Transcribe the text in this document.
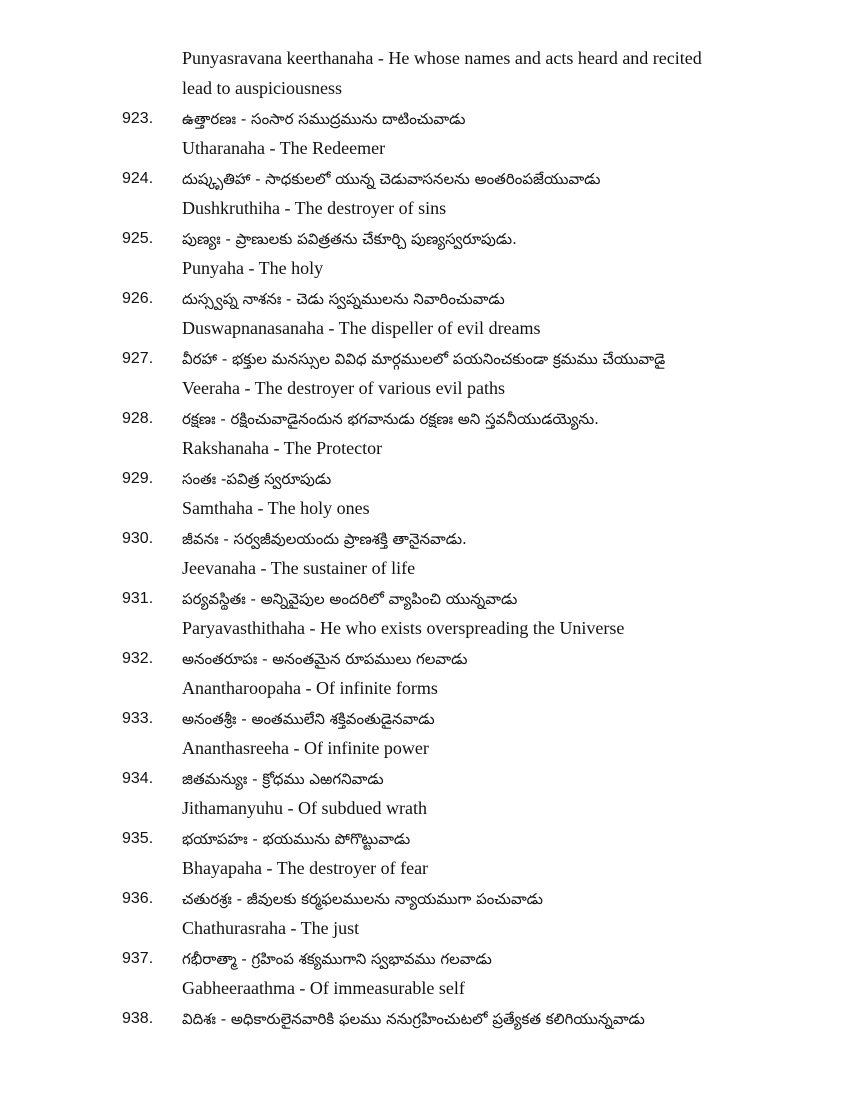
Punyasravana keerthanaha - He whose names and acts heard and recited
lead to auspiciousness
923.	ఉత్తారణః - సంసార సముద్రమును దాటించువాడు
Utharanaha - The Redeemer
924.	దుష్కృతిహా - సాధకులలో యున్న చెడువాసనలను అంతరింపజేయువాడు
Dushkruthiha - The destroyer of sins
925.	పుణ్యః - ప్రాణులకు పవిత్రతను చేకూర్చి పుణ్యస్వరూపుడు.
Punyaha - The holy
926.	దుస్స్వప్న నాశనః - చెడు స్వప్నములను నివారించువాడు
Duswapnanasanaha - The dispeller of evil dreams
927.	వీరహా - భక్తుల మనస్సుల వివిధ మార్గములలో పయనించకుండా క్రమము చేయువాడై
Veeraha - The destroyer of various evil paths
928.	రక్షణః - రక్షించువాడైనందున భగవానుడు రక్షణః అని స్తవనీయుడయ్యెను.
Rakshanaha - The Protector
929.	సంతః -పవిత్ర స్వరూపుడు
Samthaha - The holy ones
930.	జీవనః - సర్వజీవులయందు ప్రాణశక్తి తానైనవాడు.
Jeevanaha - The sustainer of life
931.	పర్యవస్థితః - అన్నివైపుల అందరిలో వ్యాపించి యున్నవాడు
Paryavasthithaha - He who exists overspreading the Universe
932.	అనంతరూపః - అనంతమైన రూపములు గలవాడు
Anantharoopaha - Of infinite forms
933.	అనంతశ్రీః - అంతములేని శక్తివంతుడైనవాడు
Ananthasreeha - Of infinite power
934.	జితమన్యుః - క్రోధము ఎఱగనివాడు
Jithamanyuhu - Of subdued wrath
935.	భయాపహః - భయమును పోగొట్టువాడు
Bhayapaha - The destroyer of fear
936.	చతురశ్రః - జీవులకు కర్మఫలములను న్యాయముగా పంచువాడు
Chathurasraha - The just
937.	గభీరాత్మా - గ్రహింప శక్యముగాని స్వభావము గలవాడు
Gabheeraathma - Of immeasurable self
938.	విదిశః - అధికారులైనవారికి ఫలము ననుగ్రహించుటలో ప్రత్యేకత కలిగియున్నవాడు
